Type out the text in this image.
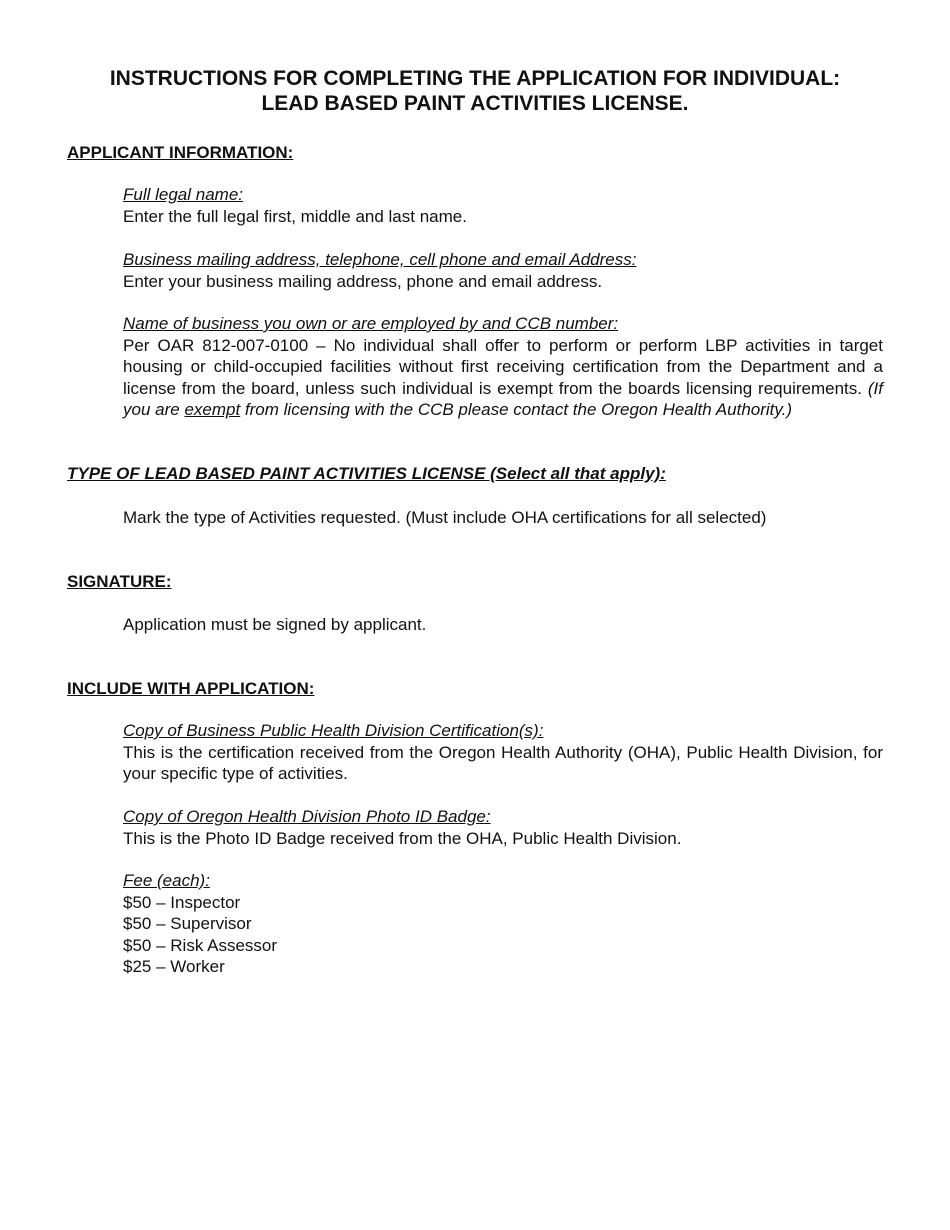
INSTRUCTIONS FOR COMPLETING THE APPLICATION FOR INDIVIDUAL:
LEAD BASED PAINT ACTIVITIES LICENSE.
APPLICANT INFORMATION:
Full legal name:
Enter the full legal first, middle and last name.
Business mailing address, telephone, cell phone and email Address:
Enter your business mailing address, phone and email address.
Name of business you own or are employed by and CCB number:
Per OAR 812-007-0100 – No individual shall offer to perform or perform LBP activities in target housing or child-occupied facilities without first receiving certification from the Department and a license from the board, unless such individual is exempt from the boards licensing requirements. (If you are exempt from licensing with the CCB please contact the Oregon Health Authority.)
TYPE OF LEAD BASED PAINT ACTIVITIES LICENSE (Select all that apply):
Mark the type of Activities requested. (Must include OHA certifications for all selected)
SIGNATURE:
Application must be signed by applicant.
INCLUDE WITH APPLICATION:
Copy of Business Public Health Division Certification(s):
This is the certification received from the Oregon Health Authority (OHA), Public Health Division, for your specific type of activities.
Copy of Oregon Health Division Photo ID Badge:
This is the Photo ID Badge received from the OHA, Public Health Division.
Fee (each):
$50 – Inspector
$50 – Supervisor
$50 – Risk Assessor
$25 – Worker
